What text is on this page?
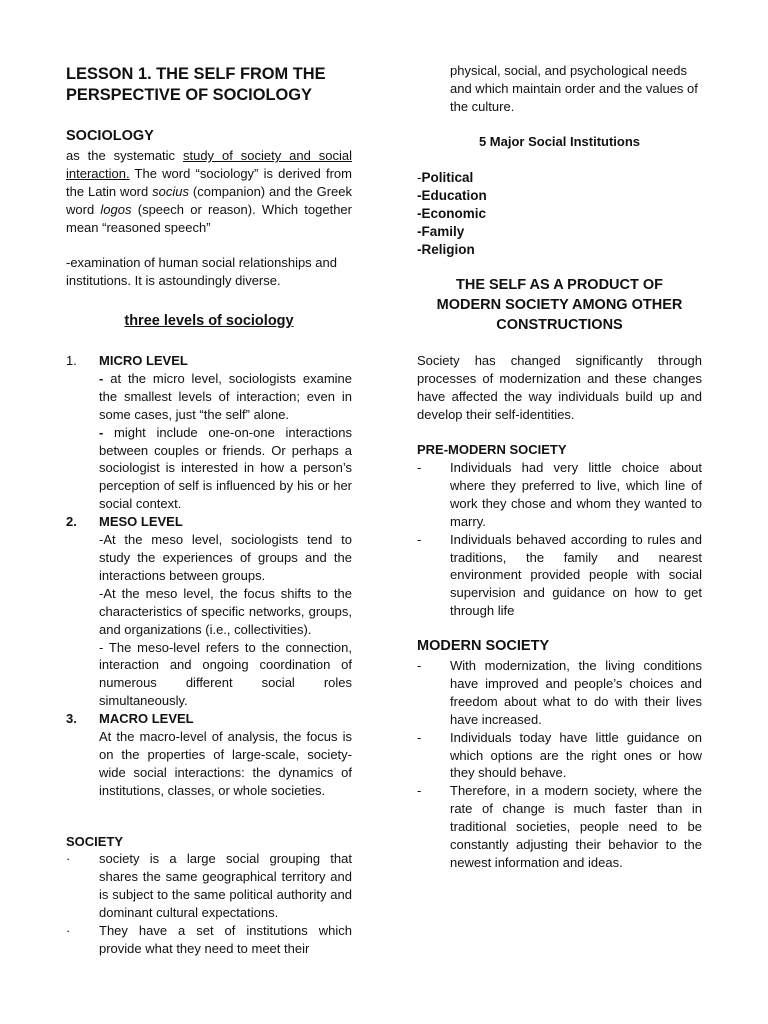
LESSON 1. THE SELF FROM THE
PERSPECTIVE OF SOCIOLOGY
SOCIOLOGY

as the systematic study of society and social interaction. The word “sociology” is derived from the Latin word socius (companion) and the Greek word logos (speech or reason). Which together mean “reasoned speech”

-examination of human social relationships and institutions. It is astoundingly diverse.

three levels of sociology
1. MICRO LEVEL

- at the micro level, sociologists examine the smallest levels of interaction; even in some cases, just “the self” alone.

- might include one-on-one interactions between couples or friends. Or perhaps a sociologist is interested in how a person’s perception of self is influenced by his or her social context.

2. MESO LEVEL

-At the meso level, sociologists tend to study the experiences of groups and the interactions between groups.

-At the meso level, the focus shifts to the characteristics of specific networks, groups, and organizations (i.e., collectivities).

- The meso-level refers to the connection, interaction and ongoing coordination of numerous different social roles simultaneously.

3. MACRO LEVEL

At the macro-level of analysis, the focus is on the properties of large-scale, society-wide social interactions: the dynamics of institutions, classes, or whole societies.

SOCIETY
· society is a large social grouping that shares the same geographical territory and is subject to the same political authority and dominant cultural expectations.

· They have a set of institutions which provide what they need to meet their

physical, social, and psychological needs and which maintain order and the values of the culture.

5 Major Social Institutions
-Political
-Education
-Economic
-Family
-Religion
THE SELF AS A PRODUCT OF
MODERN SOCIETY AMONG OTHER
CONSTRUCTIONS

Society has changed significantly through processes of modernization and these changes have affected the way individuals build up and develop their self-identities.

PRE-MODERN SOCIETY
- Individuals had very little choice about where they preferred to live, which line of work they chose and whom they wanted to marry.

- Individuals behaved according to rules and traditions, the family and nearest environment provided people with social supervision and guidance on how to get through life

MODERN SOCIETY
- With modernization, the living conditions have improved and people’s choices and freedom about what to do with their lives have increased.

- Individuals today have little guidance on which options are the right ones or how they should behave.

- Therefore, in a modern society, where the rate of change is much faster than in traditional societies, people need to be constantly adjusting their behavior to the newest information and ideas.
